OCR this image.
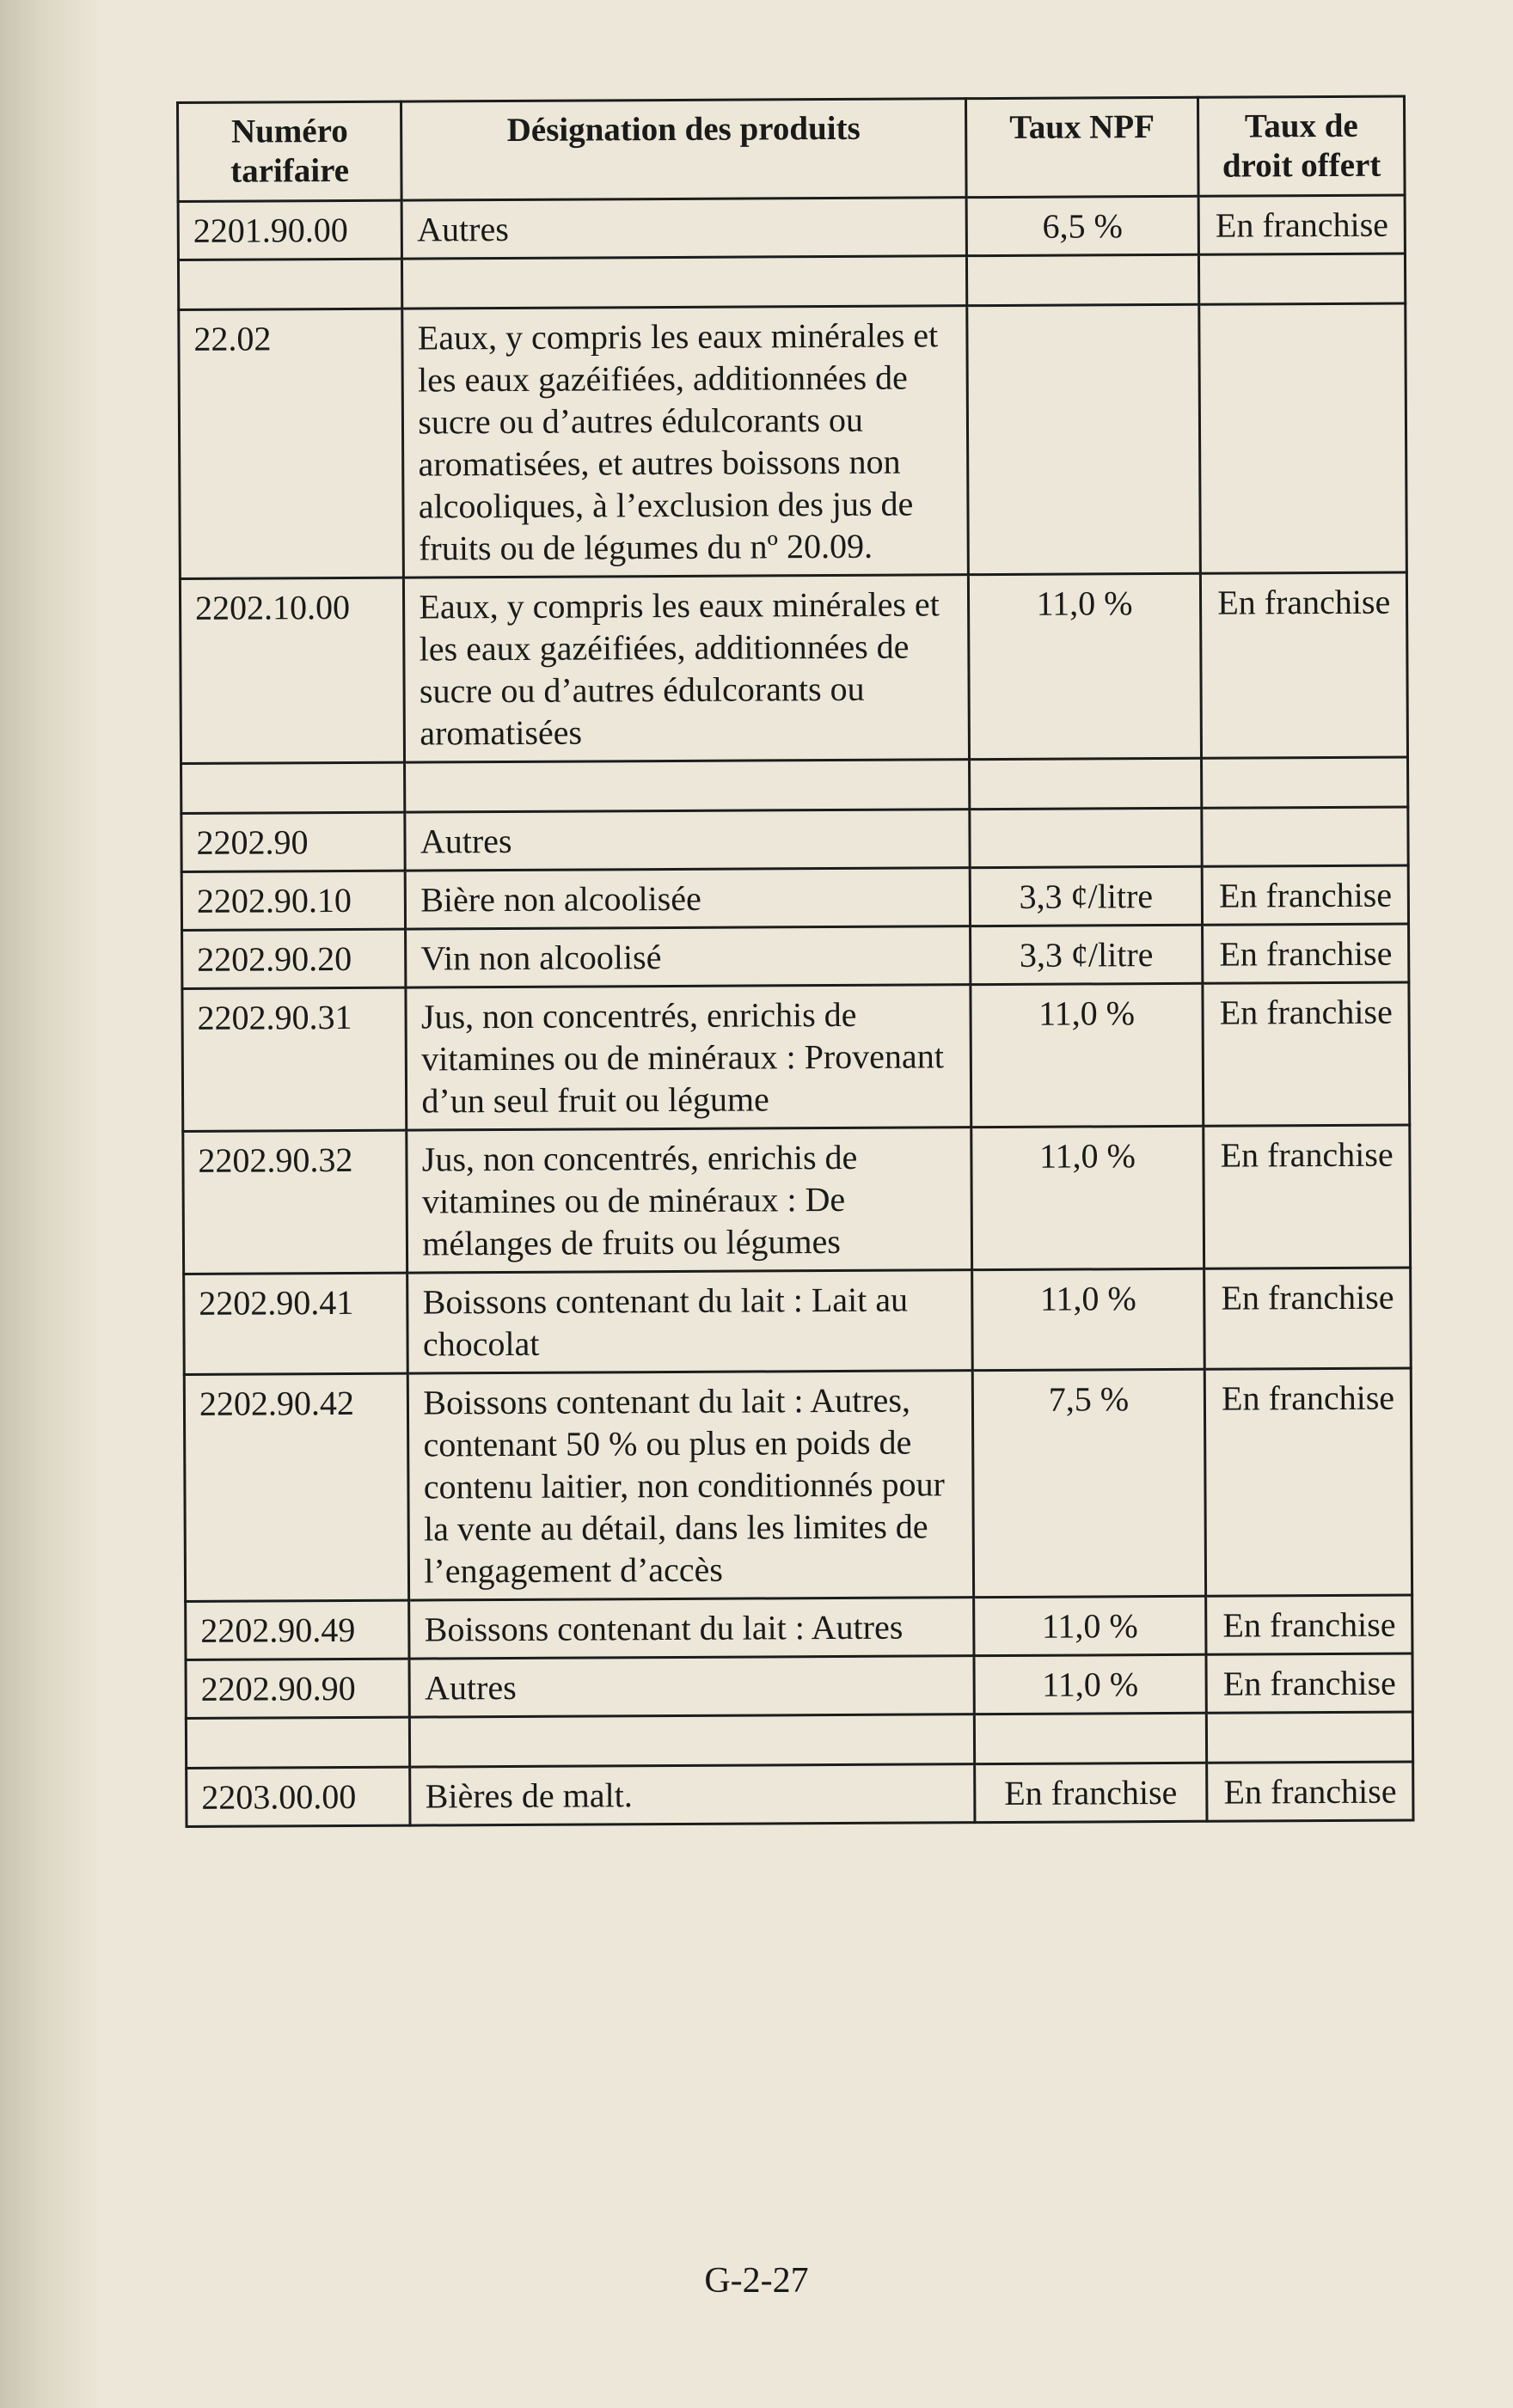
Numéro tarifaire	Désignation des produits	Taux NPF	Taux de droit offert
2201.90.00	Autres	6,5 %	En franchise

22.02	Eaux, y compris les eaux minérales et les eaux gazéifiées, additionnées de sucre ou d’autres édulcorants ou aromatisées, et autres boissons non alcooliques, à l’exclusion des jus de fruits ou de légumes du nº 20.09.		
2202.10.00	Eaux, y compris les eaux minérales et les eaux gazéifiées, additionnées de sucre ou d’autres édulcorants ou aromatisées	11,0 %	En franchise

2202.90	Autres		
2202.90.10	Bière non alcoolisée	3,3 ¢/litre	En franchise
2202.90.20	Vin non alcoolisé	3,3 ¢/litre	En franchise
2202.90.31	Jus, non concentrés, enrichis de vitamines ou de minéraux : Provenant d’un seul fruit ou légume	11,0 %	En franchise
2202.90.32	Jus, non concentrés, enrichis de vitamines ou de minéraux : De mélanges de fruits ou légumes	11,0 %	En franchise
2202.90.41	Boissons contenant du lait : Lait au chocolat	11,0 %	En franchise
2202.90.42	Boissons contenant du lait : Autres, contenant 50 % ou plus en poids de contenu laitier, non conditionnés pour la vente au détail, dans les limites de l’engagement d’accès	7,5 %	En franchise
2202.90.49	Boissons contenant du lait : Autres	11,0 %	En franchise
2202.90.90	Autres	11,0 %	En franchise

2203.00.00	Bières de malt.	En franchise	En franchise
G-2-27
